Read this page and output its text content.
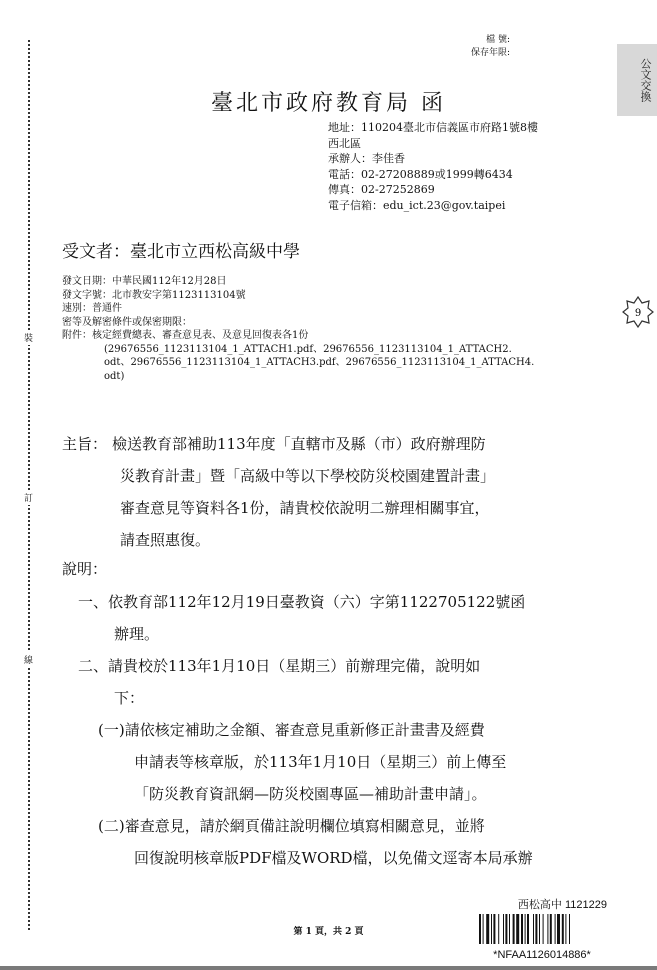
裝
訂
線
檔 號:
保存年限:
公文交換
臺北市政府教育局 函
地址：110204臺北市信義區市府路1號8樓
西北區
承辦人：李佳香
電話：02-27208889或1999轉6434
傳真：02-27252869
電子信箱：edu_ict.23@gov.taipei
受文者：臺北市立西松高級中學
發文日期：中華民國112年12月28日
發文字號：北市教安字第1123113104號
速別：普通件
密等及解密條件或保密期限：
附件：核定經費總表、審查意見表、及意見回復表各1份
(29676556_1123113104_1_ATTACH1.pdf、29676556_1123113104_1_ATTACH2.
odt、29676556_1123113104_1_ATTACH3.pdf、29676556_1123113104_1_ATTACH4.
odt)
9
主旨： 檢送教育部補助113年度「直轄市及縣（市）政府辦理防
災教育計畫」暨「高級中等以下學校防災校園建置計畫」
審查意見等資料各1份，請貴校依說明二辦理相關事宜，
請查照惠復。
說明：
一、依教育部112年12月19日臺教資（六）字第1122705122號函
辦理。
二、請貴校於113年1月10日（星期三）前辦理完備，說明如
下：
(一)請依核定補助之金額、審查意見重新修正計畫書及經費
申請表等核章版，於113年1月10日（星期三）前上傳至
「防災教育資訊網—防災校園專區—補助計畫申請」。
(二)審查意見，請於網頁備註說明欄位填寫相關意見，並將
回復說明核章版PDF檔及WORD檔，以免備文逕寄本局承辦
第 1 頁，共 2 頁
西松高中 1121229
*NFAA1126014886*
